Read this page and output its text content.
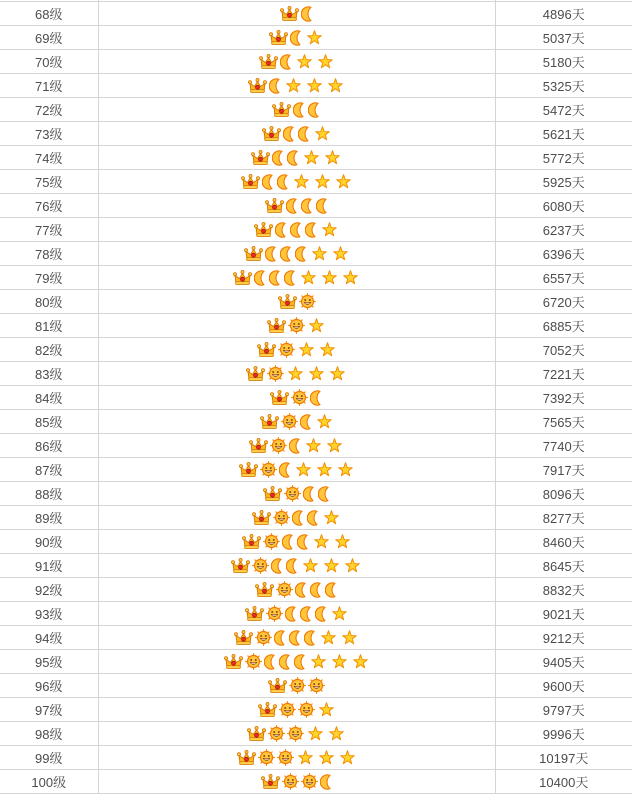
68级		4896天
69级		5037天
70级		5180天
71级		5325天
72级		5472天
73级		5621天
74级		5772天
75级		5925天
76级		6080天
77级		6237天
78级		6396天
79级		6557天
80级		6720天
81级		6885天
82级		7052天
83级		7221天
84级		7392天
85级		7565天
86级		7740天
87级		7917天
88级		8096天
89级		8277天
90级		8460天
91级		8645天
92级		8832天
93级		9021天
94级		9212天
95级		9405天
96级		9600天
97级		9797天
98级		9996天
99级		10197天
100级		10400天
